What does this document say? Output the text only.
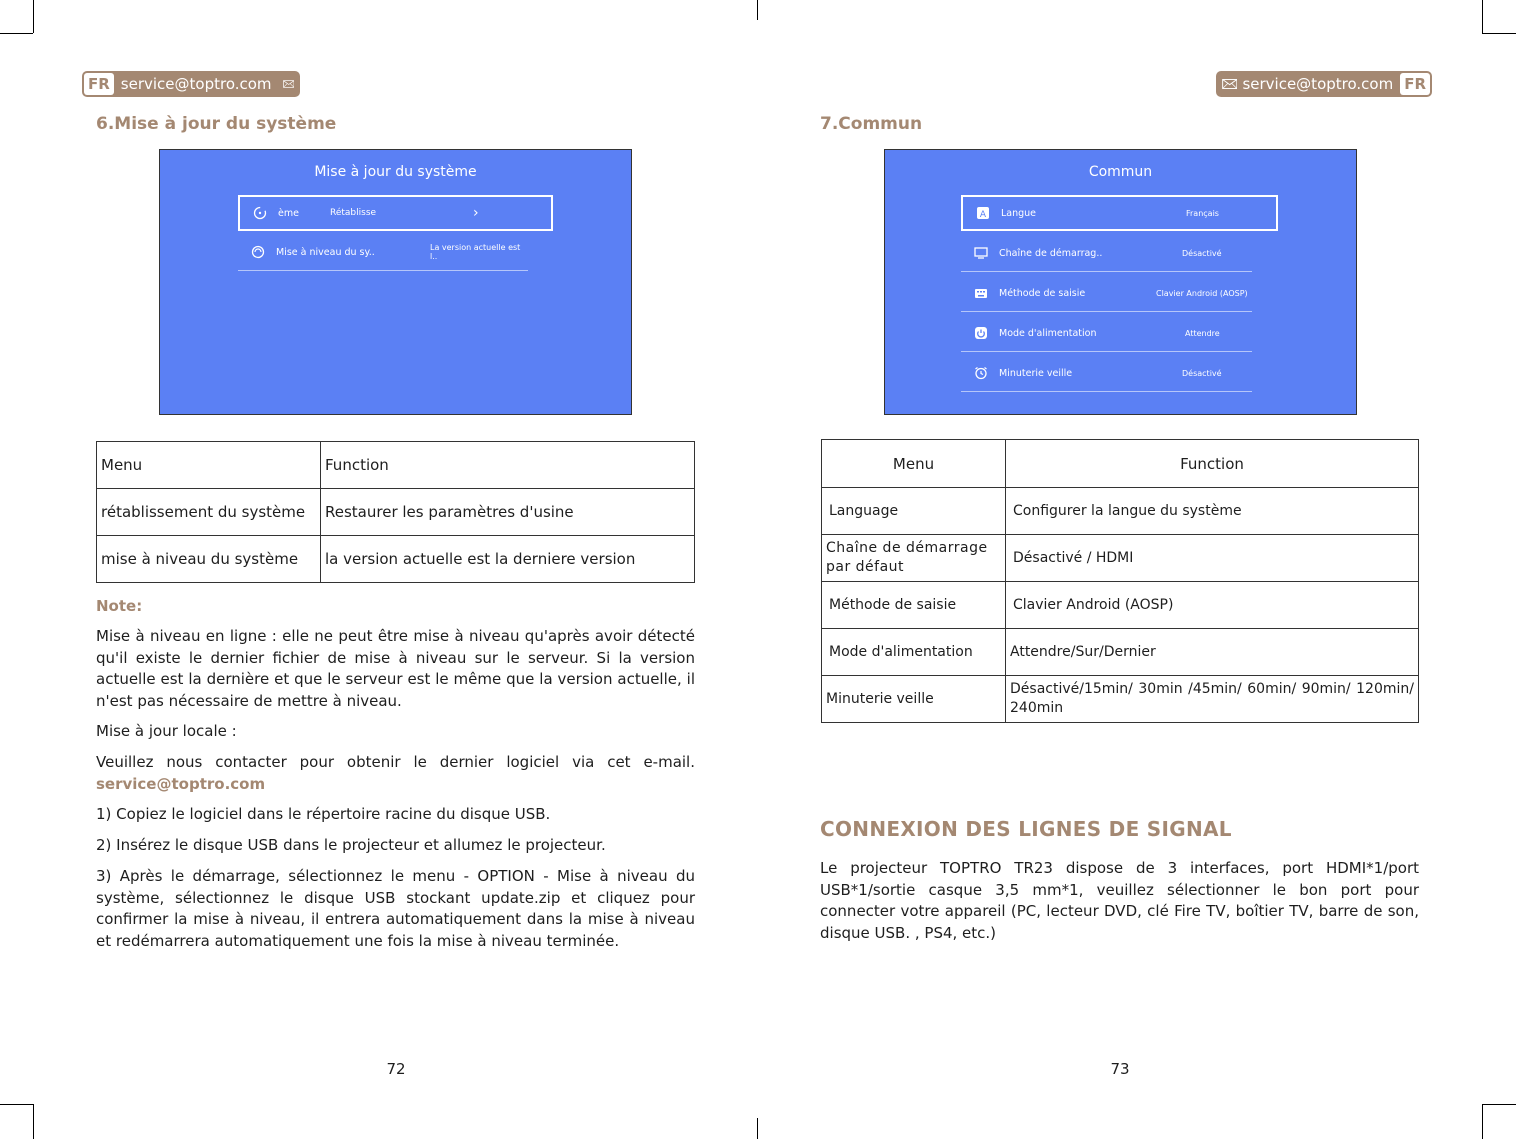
FR service@toptro.com
6.Mise à jour du système
Mise à jour du système
ème	Rétablisse	›
Mise à niveau du sy..	La version actuelle est l..
Menu	Function
rétablissement du système	Restaurer les paramètres d'usine
mise à niveau du système	la version actuelle est la derniere version
Note:

Mise à niveau en ligne : elle ne peut être mise à niveau qu'après avoir détecté qu'il existe le dernier fichier de mise à niveau sur le serveur. Si la version actuelle est la dernière et que le serveur est le même que la version actuelle, il n'est pas nécessaire de mettre à niveau.

Mise à jour locale :

Veuillez nous contacter pour obtenir le dernier logiciel via cet e-mail. service@toptro.com

1) Copiez le logiciel dans le répertoire racine du disque USB.

2) Insérez le disque USB dans le projecteur et allumez le projecteur.

3) Après le démarrage, sélectionnez le menu - OPTION - Mise à niveau du système, sélectionnez le disque USB stockant update.zip et cliquez pour confirmer la mise à niveau, il entrera automatiquement dans la mise à niveau et redémarrera automatiquement une fois la mise à niveau terminée.

72
service@toptro.com FR
7.Commun
Commun
A Langue	Français
Chaîne de démarrag..	Désactivé
Méthode de saisie	Clavier Android (AOSP)
Mode d'alimentation	Attendre
Minuterie veille	Désactivé
Menu	Function
Language	Configurer la langue du système
Chaîne de démarrage par défaut	Désactivé / HDMI
Méthode de saisie	Clavier Android (AOSP)
Mode d'alimentation	Attendre/Sur/Dernier
Minuterie veille	Désactivé/15min/ 30min /45min/ 60min/ 90min/ 120min/ 240min
CONNEXION DES LIGNES DE SIGNAL

Le projecteur TOPTRO TR23 dispose de 3 interfaces, port HDMI*1/port USB*1/sortie casque 3,5 mm*1, veuillez sélectionner le bon port pour connecter votre appareil (PC, lecteur DVD, clé Fire TV, boîtier TV, barre de son, disque USB. , PS4, etc.)

73
